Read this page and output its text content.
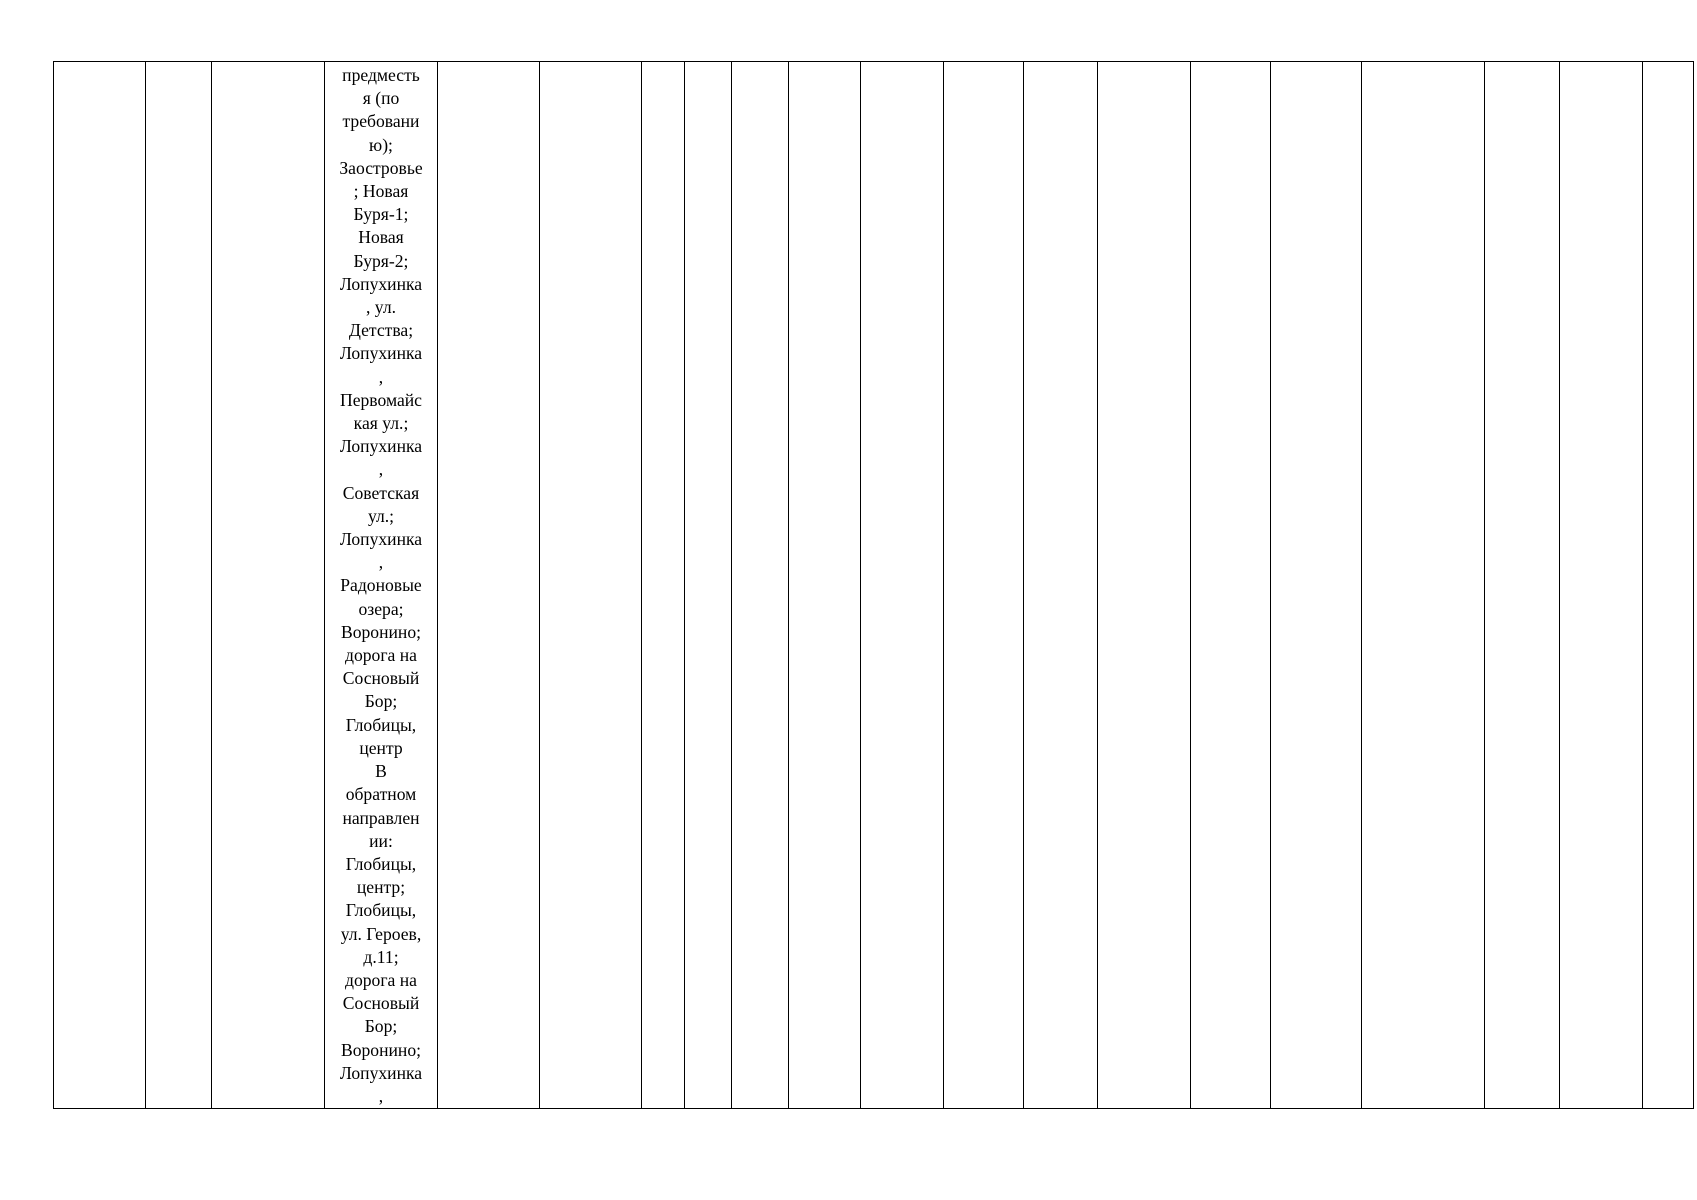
предместь
я (по
требовани
ю);
Заостровье
; Новая
Буря-1;
Новая
Буря-2;
Лопухинка
, ул.
Детства;
Лопухинка
,
Первомайс
кая ул.;
Лопухинка
,
Советская
ул.;
Лопухинка
,
Радоновые
озера;
Воронино;
дорога на
Сосновый
Бор;
Глобицы,
центр
В
обратном
направлен
ии:
Глобицы,
центр;
Глобицы,
ул. Героев,
д.11;
дорога на
Сосновый
Бор;
Воронино;
Лопухинка
,
